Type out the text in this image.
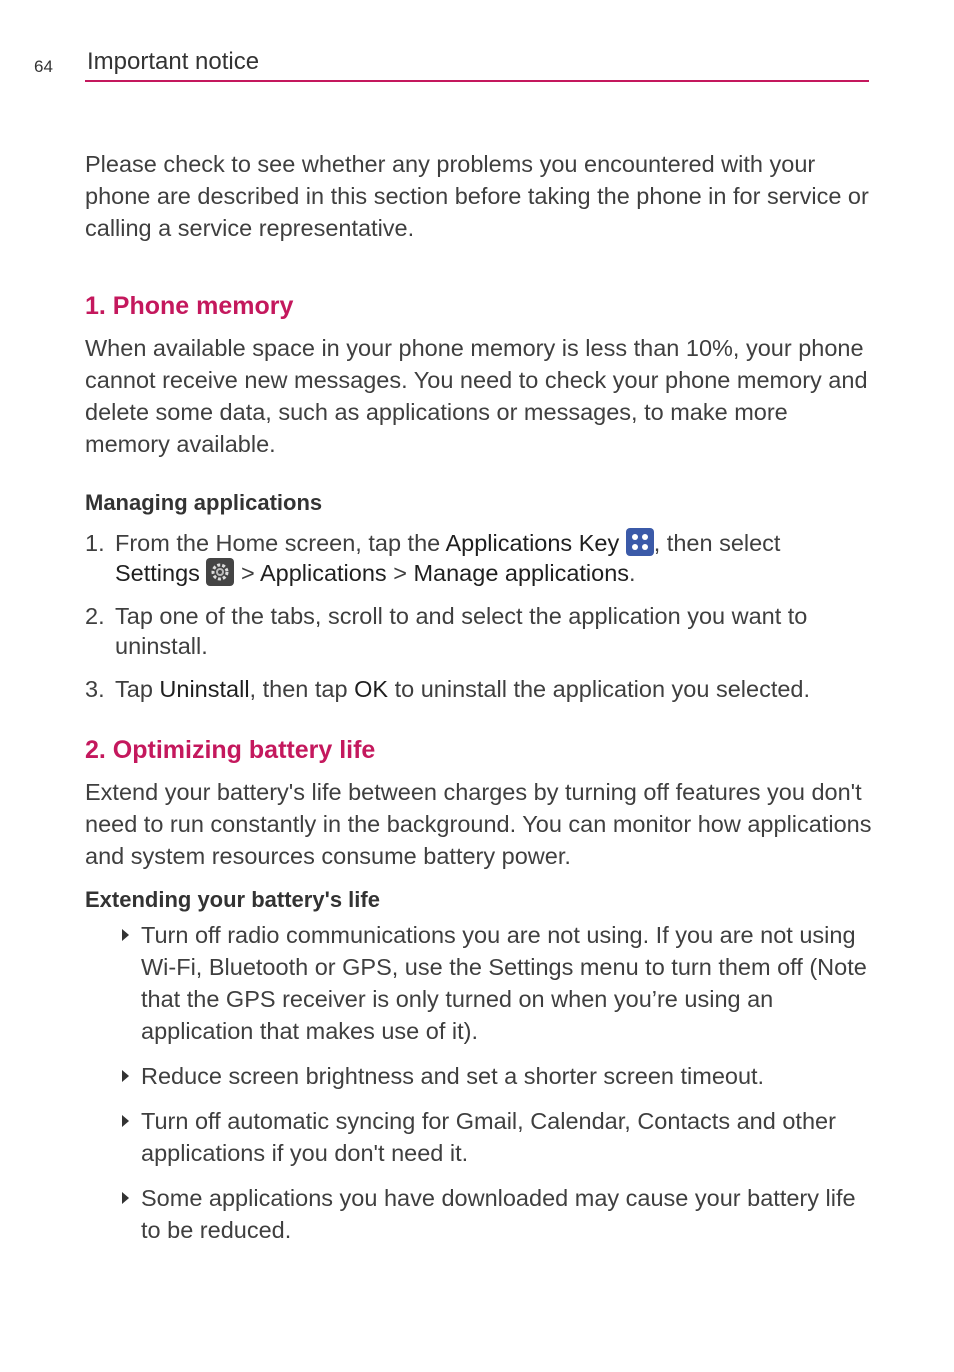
64 Important notice

Please check to see whether any problems you encountered with your phone are described in this section before taking the phone in for service or calling a service representative.

1. Phone memory

When available space in your phone memory is less than 10%, your phone cannot receive new messages. You need to check your phone memory and delete some data, such as applications or messages, to make more memory available.

Managing applications
1. From the Home screen, tap the Applications Key , then select
Settings
> Applications > Manage applications.
2. Tap one of the tabs, scroll to and select the application you want to uninstall.
3. Tap Uninstall, then tap OK to uninstall the application you selected.
2. Optimizing battery life

Extend your battery's life between charges by turning off features you don't need to run constantly in the background. You can monitor how applications and system resources consume battery power.

Extending your battery's life
Turn off radio communications you are not using. If you are not using Wi-Fi, Bluetooth or GPS, use the Settings menu to turn them off (Note that the GPS receiver is only turned on when you’re using an application that makes use of it).
Reduce screen brightness and set a shorter screen timeout.
Turn off automatic syncing for Gmail, Calendar, Contacts and other applications if you don't need it.
Some applications you have downloaded may cause your battery life to be reduced.
